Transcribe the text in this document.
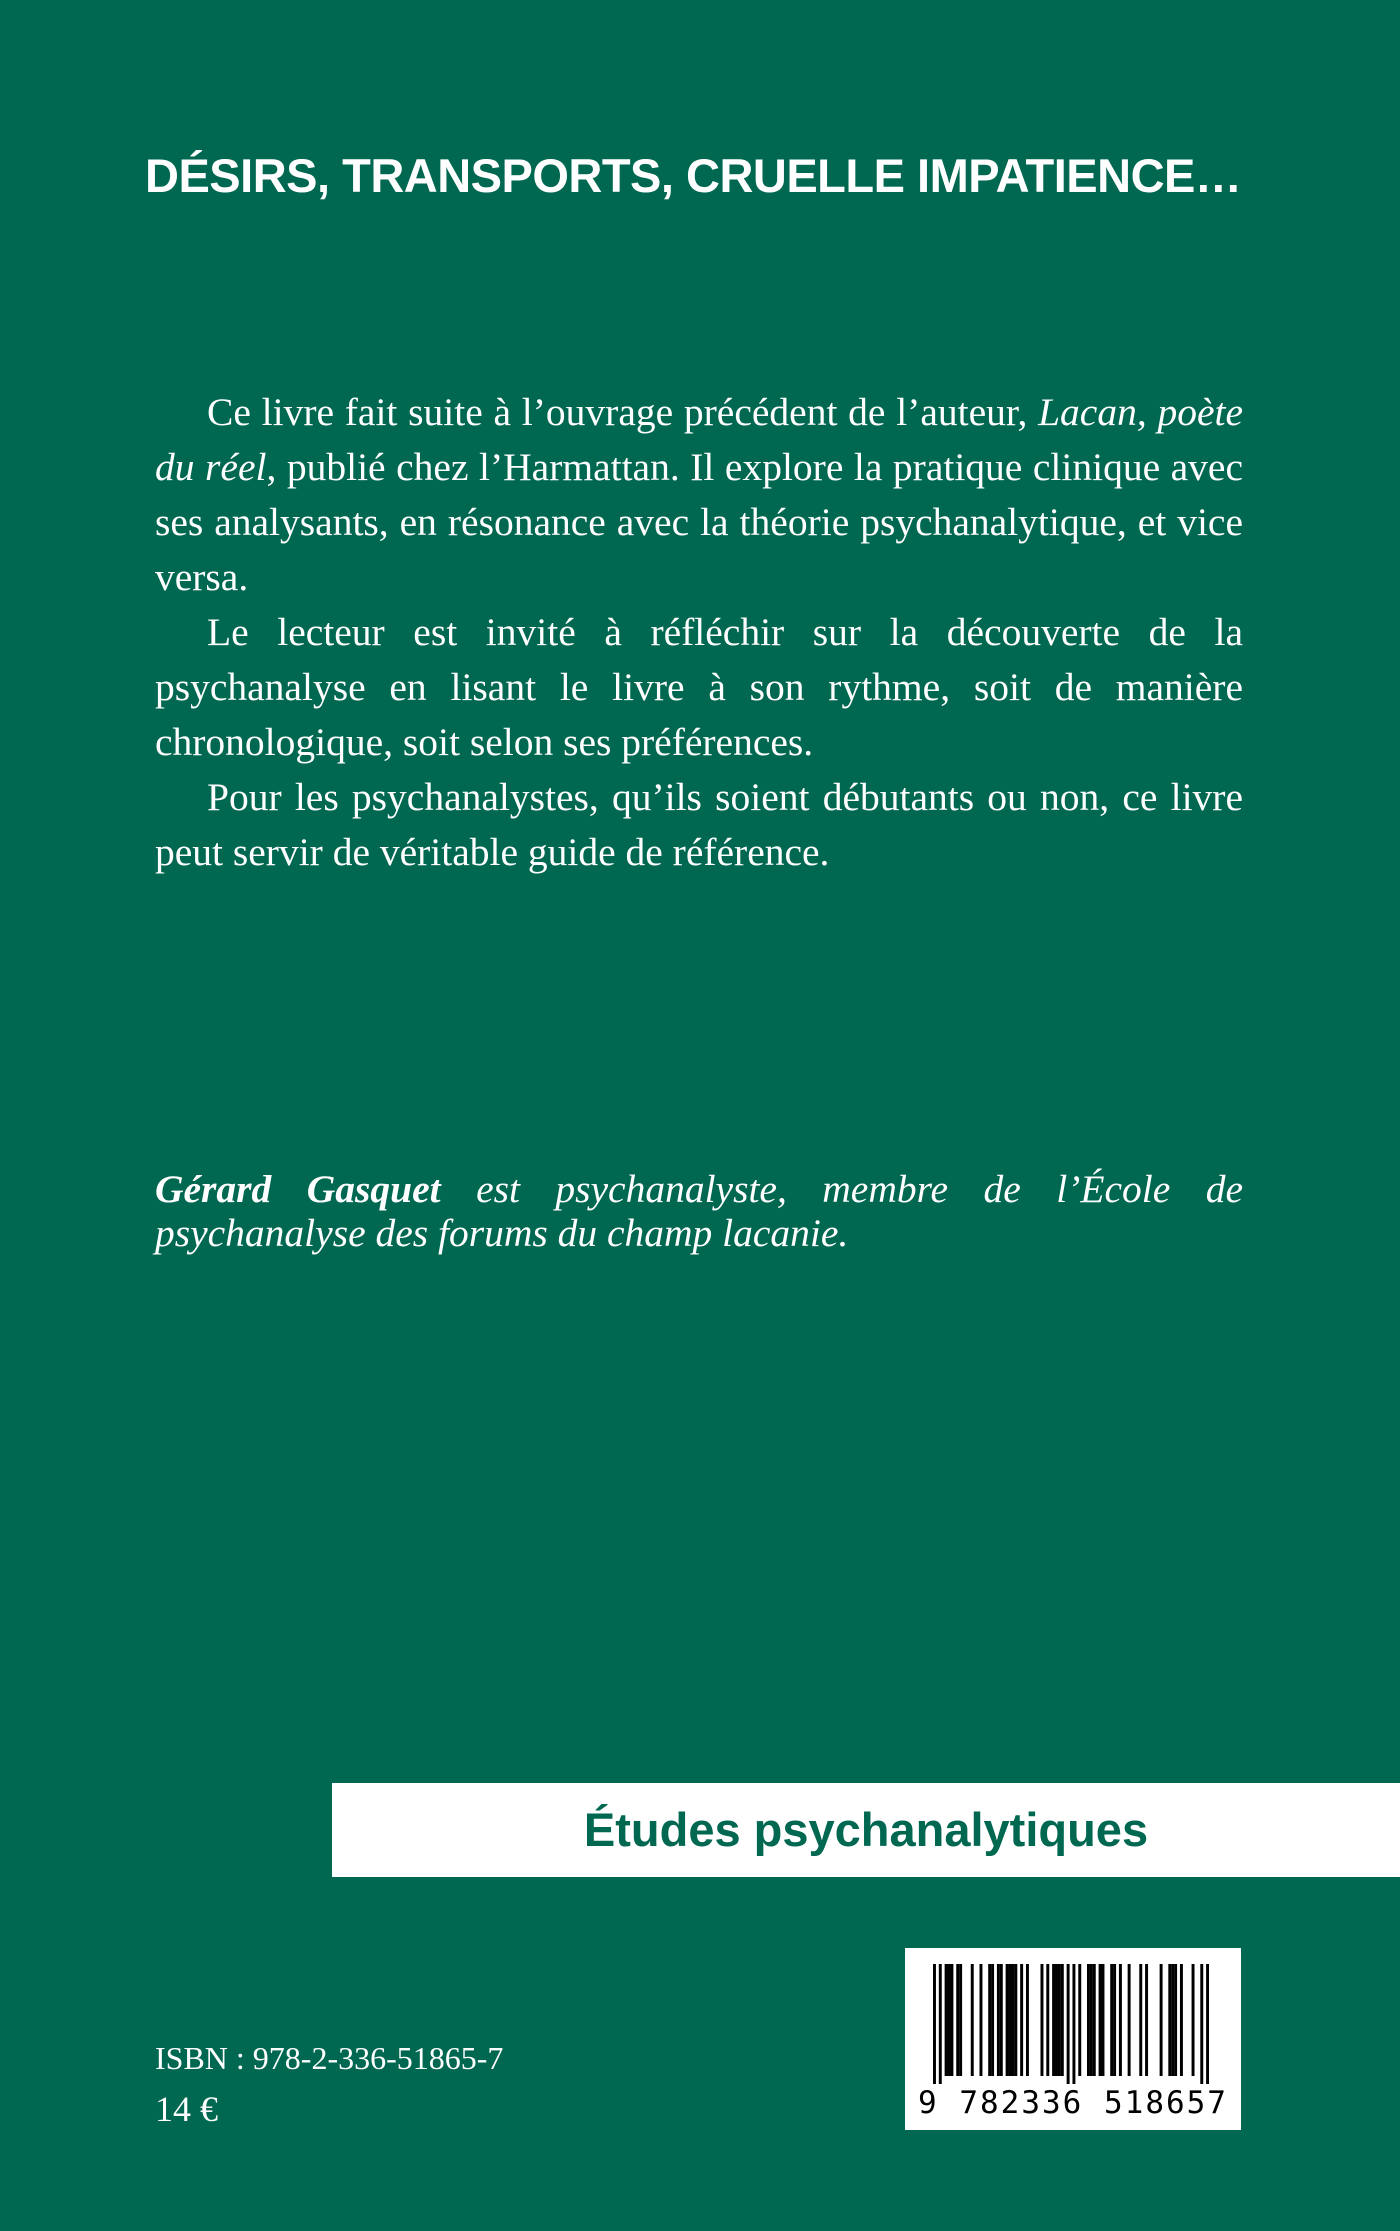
DÉSIRS, TRANSPORTS, CRUELLE IMPATIENCE…

Ce livre fait suite à l’ouvrage précédent de l’auteur, Lacan, poète du réel, publié chez l’Harmattan. Il explore la pratique clinique avec ses analysants, en résonance avec la théorie psychanalytique, et vice versa.

Le lecteur est invité à réfléchir sur la découverte de la psychanalyse en lisant le livre à son rythme, soit de manière chronologique, soit selon ses préférences.

Pour les psychanalystes, qu’ils soient débutants ou non, ce livre peut servir de véritable guide de référence.

Gérard Gasquet est psychanalyste, membre de l’École de psychanalyse des forums du champ lacanie.

Études psychanalytiques

ISBN : 978-2-336-51865-7

14 €	9 782336 518657
